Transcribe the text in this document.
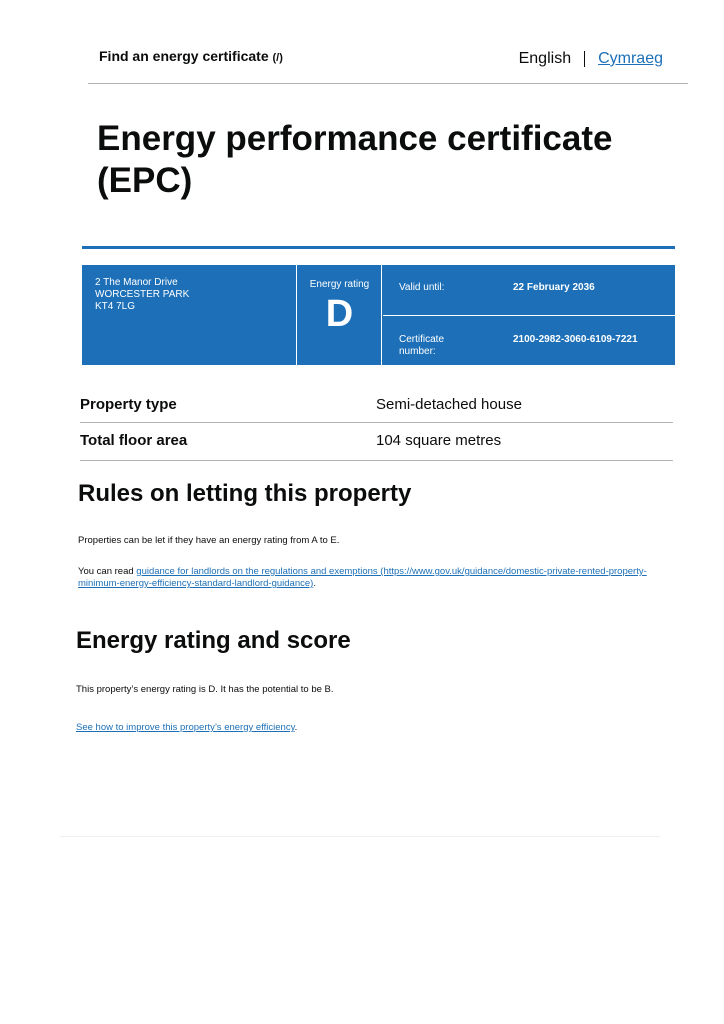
Find an energy certificate (/)	English Cymraeg
Energy performance certificate
(EPC)
2 The Manor Drive
WORCESTER PARK
KT4 7LG
Energy rating
D
Valid until:	22 February 2036
Certificate
number:
2100-2982-3060-6109-7221
Property type	Semi-detached house
Total floor area	104 square metres
Rules on letting this property

Properties can be let if they have an energy rating from A to E.

You can read guidance for landlords on the regulations and exemptions (https://www.gov.uk/guidance/domestic-private-rented-property-minimum-energy-efficiency-standard-landlord-guidance).

Energy rating and score

This property’s energy rating is D. It has the potential to be B.

See how to improve this property’s energy efficiency.
